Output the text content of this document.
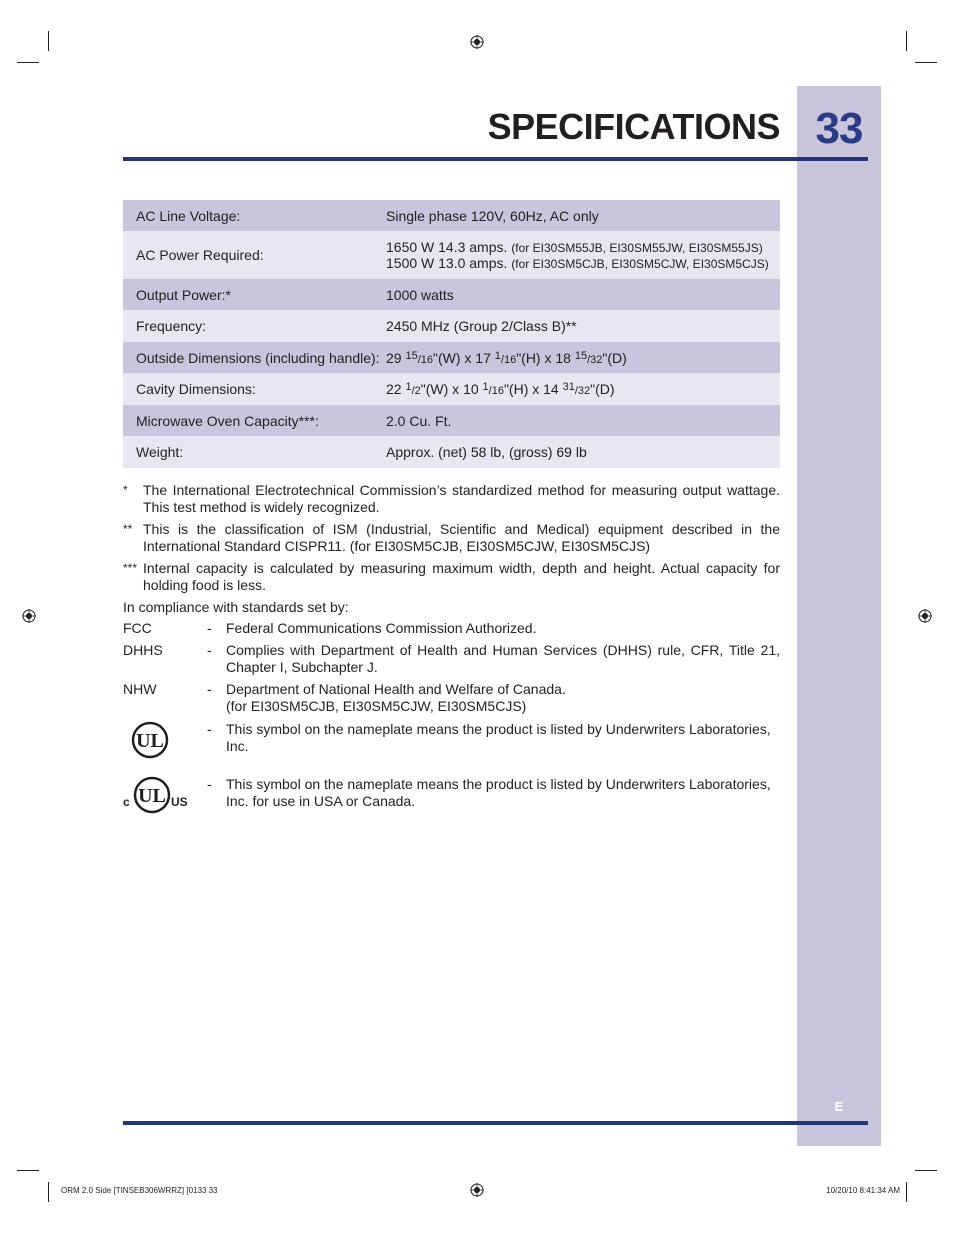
33
E
SPECIFICATIONS
AC Line Voltage:	Single phase 120V, 60Hz, AC only
AC Power Required:	1650 W 14.3 amps. (for EI30SM55JB, EI30SM55JW, EI30SM55JS)
1500 W 13.0 amps. (for EI30SM5CJB, EI30SM5CJW, EI30SM5CJS)
Output Power:*	1000 watts
Frequency:	2450 MHz (Group 2/Class B)**
Outside Dimensions (including handle): 29 $^{15}$/16"(W) x 17 $^1$/16"(H) x 18 $^{15}$/32"(D)
Cavity Dimensions:	22 $^1$/2"(W) x 10 $^1$/16"(H) x 14 $^{31}$/32"(D)
Microwave Oven Capacity***:	2.0 Cu. Ft.
Weight:	Approx. (net) 58 lb, (gross) 69 lb
*	The International Electrotechnical Commission’s standardized method for measuring output wattage. This test method is widely recognized.
** This is the classification of ISM (Industrial, Scientific and Medical) equipment described in the International Standard CISPR11. (for EI30SM5CJB, EI30SM5CJW, EI30SM5CJS)
*** Internal capacity is calculated by measuring maximum width, depth and height. Actual capacity for holding food is less.
In compliance with standards set by:
FCC	-	Federal Communications Commission Authorized.
DHHS	-	Complies with Department of Health and Human Services (DHHS) rule, CFR, Title 21, Chapter I, Subchapter J.
NHW	-	Department of National Health and Welfare of Canada.
(for EI30SM5CJB, EI30SM5CJW, EI30SM5CJS)
UL
-	This symbol on the nameplate means the product is listed by Underwriters Laboratories, Inc.
c UL US
-	This symbol on the nameplate means the product is listed by Underwriters Laboratories, Inc. for use in USA or Canada.
ORM 2.0 Side [TINSEB306WRRZ] [0133 33	10/20/10 8:41:34 AM
